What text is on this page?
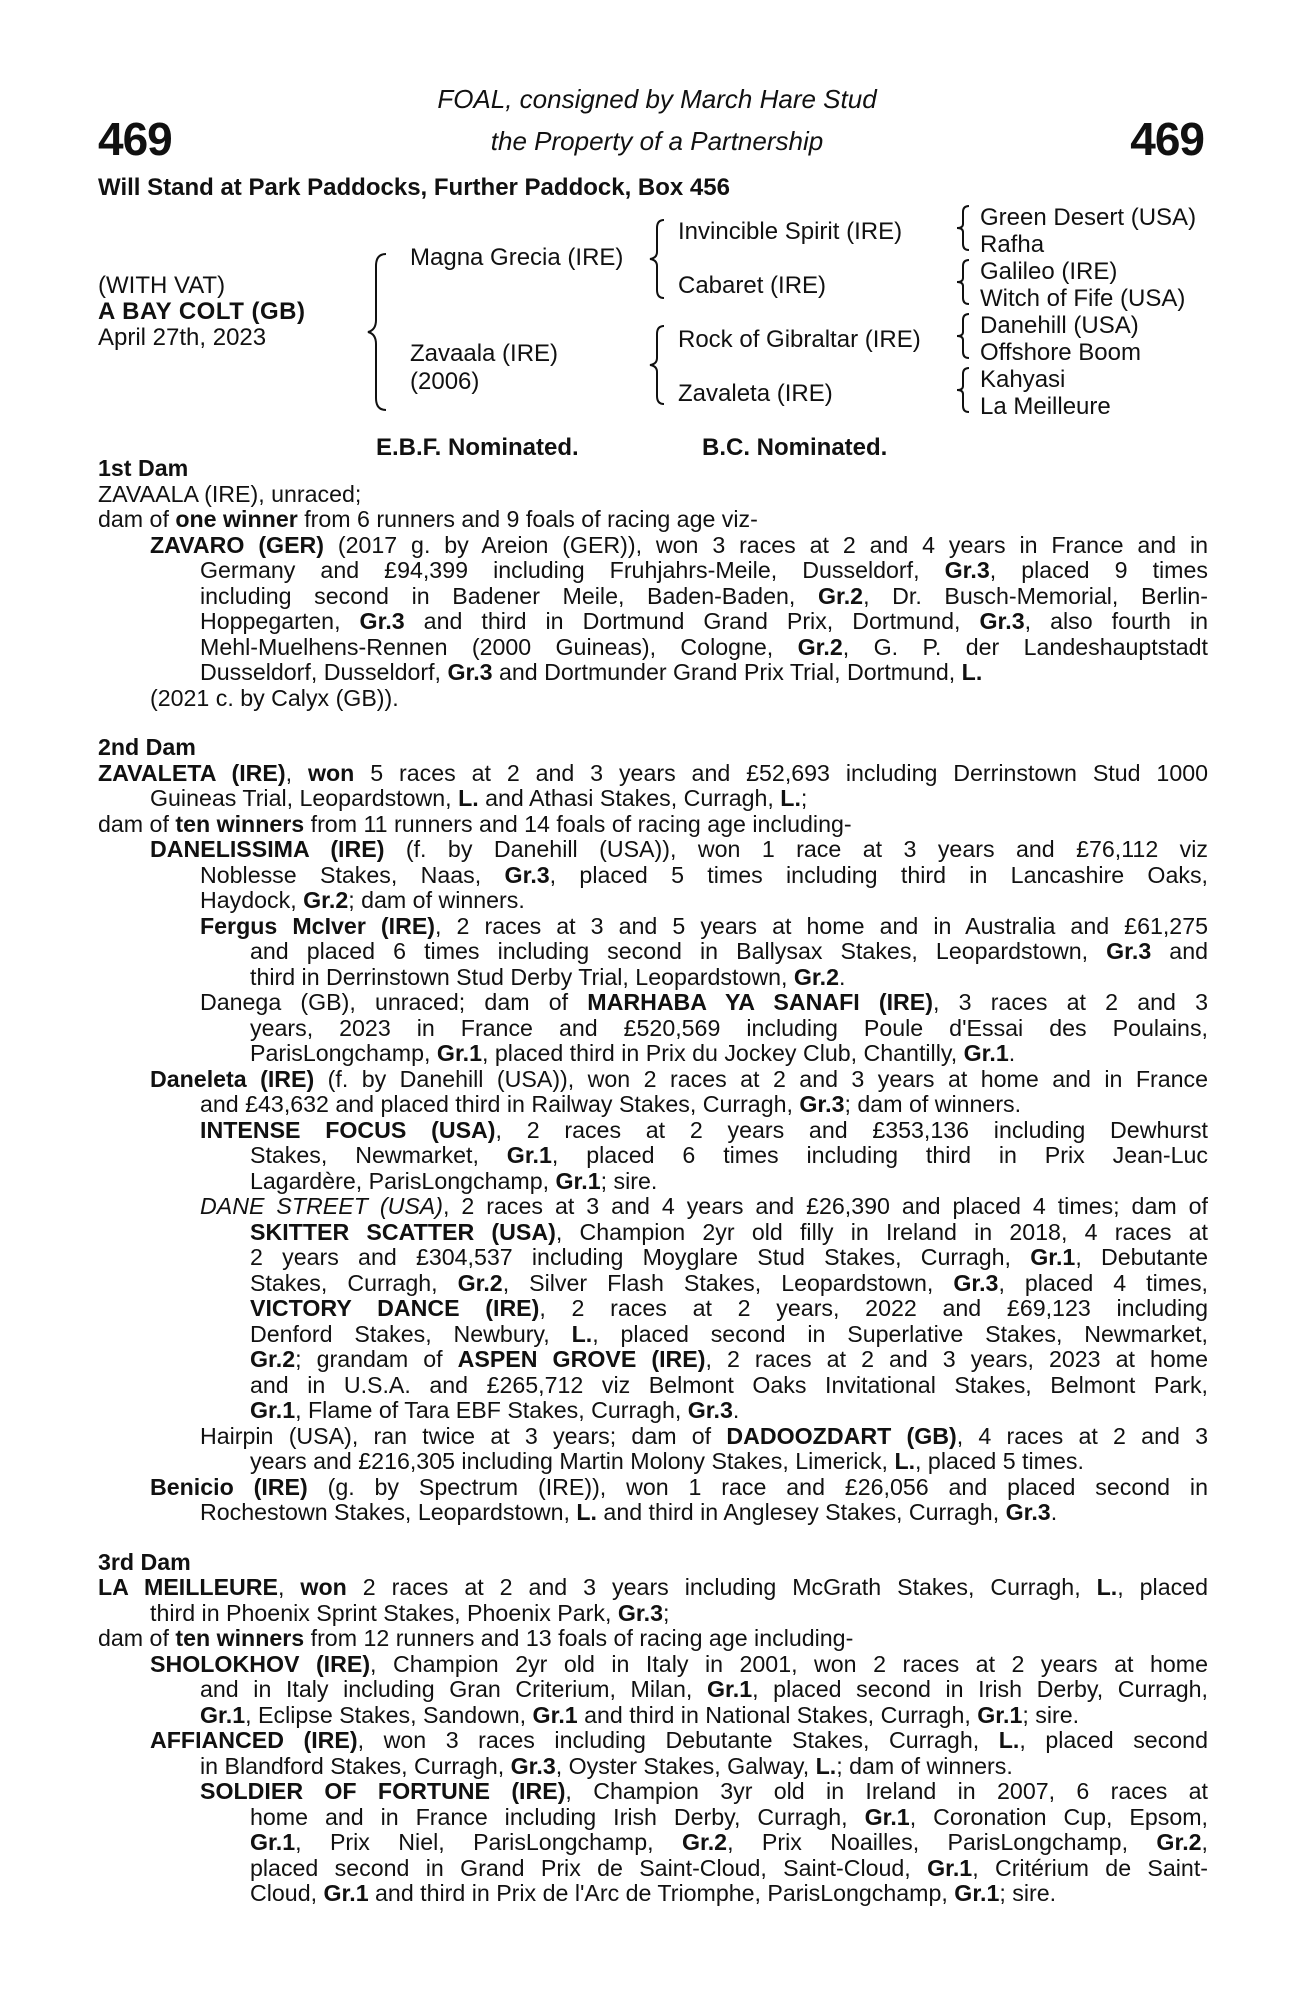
469	469
FOAL, consigned by March Hare Stud
the Property of a Partnership
Will Stand at Park Paddocks, Further Paddock, Box 456
(WITH VAT)
A BAY COLT (GB)
April 27th, 2023
Magna Grecia (IRE)
Zavaala (IRE)
(2006)
Invincible Spirit (IRE)
Cabaret (IRE)
Rock of Gibraltar (IRE)
Zavaleta (IRE)
Green Desert (USA)
Rafha
Galileo (IRE)
Witch of Fife (USA)
Danehill (USA)
Offshore Boom
Kahyasi
La Meilleure
E.B.F. Nominated.	B.C. Nominated.
1st Dam
ZAVAALA (IRE), unraced;
dam of one winner from 6 runners and 9 foals of racing age viz-
ZAVARO (GER) (2017 g. by Areion (GER)), won 3 races at 2 and 4 years in France and in
Germany and £94,399 including Fruhjahrs-Meile, Dusseldorf, Gr.3, placed 9 times
including second in Badener Meile, Baden-Baden, Gr.2, Dr. Busch-Memorial, Berlin-
Hoppegarten, Gr.3 and third in Dortmund Grand Prix, Dortmund, Gr.3, also fourth in
Mehl-Muelhens-Rennen (2000 Guineas), Cologne, Gr.2, G. P. der Landeshauptstadt
Dusseldorf, Dusseldorf, Gr.3 and Dortmunder Grand Prix Trial, Dortmund, L.
(2021 c. by Calyx (GB)).
2nd Dam
ZAVALETA (IRE), won 5 races at 2 and 3 years and £52,693 including Derrinstown Stud 1000
Guineas Trial, Leopardstown, L. and Athasi Stakes, Curragh, L.;
dam of ten winners from 11 runners and 14 foals of racing age including-
DANELISSIMA (IRE) (f. by Danehill (USA)), won 1 race at 3 years and £76,112 viz
Noblesse Stakes, Naas, Gr.3, placed 5 times including third in Lancashire Oaks,
Haydock, Gr.2; dam of winners.
Fergus McIver (IRE), 2 races at 3 and 5 years at home and in Australia and £61,275
and placed 6 times including second in Ballysax Stakes, Leopardstown, Gr.3 and
third in Derrinstown Stud Derby Trial, Leopardstown, Gr.2.
Danega (GB), unraced; dam of MARHABA YA SANAFI (IRE), 3 races at 2 and 3
years, 2023 in France and £520,569 including Poule d'Essai des Poulains,
ParisLongchamp, Gr.1, placed third in Prix du Jockey Club, Chantilly, Gr.1.
Daneleta (IRE) (f. by Danehill (USA)), won 2 races at 2 and 3 years at home and in France
and £43,632 and placed third in Railway Stakes, Curragh, Gr.3; dam of winners.
INTENSE FOCUS (USA), 2 races at 2 years and £353,136 including Dewhurst
Stakes, Newmarket, Gr.1, placed 6 times including third in Prix Jean-Luc
Lagardère, ParisLongchamp, Gr.1; sire.
DANE STREET (USA), 2 races at 3 and 4 years and £26,390 and placed 4 times; dam of
SKITTER SCATTER (USA), Champion 2yr old filly in Ireland in 2018, 4 races at
2 years and £304,537 including Moyglare Stud Stakes, Curragh, Gr.1, Debutante
Stakes, Curragh, Gr.2, Silver Flash Stakes, Leopardstown, Gr.3, placed 4 times,
VICTORY DANCE (IRE), 2 races at 2 years, 2022 and £69,123 including
Denford Stakes, Newbury, L., placed second in Superlative Stakes, Newmarket,
Gr.2; grandam of ASPEN GROVE (IRE), 2 races at 2 and 3 years, 2023 at home
and in U.S.A. and £265,712 viz Belmont Oaks Invitational Stakes, Belmont Park,
Gr.1, Flame of Tara EBF Stakes, Curragh, Gr.3.
Hairpin (USA), ran twice at 3 years; dam of DADOOZDART (GB), 4 races at 2 and 3
years and £216,305 including Martin Molony Stakes, Limerick, L., placed 5 times.
Benicio (IRE) (g. by Spectrum (IRE)), won 1 race and £26,056 and placed second in
Rochestown Stakes, Leopardstown, L. and third in Anglesey Stakes, Curragh, Gr.3.
3rd Dam
LA MEILLEURE, won 2 races at 2 and 3 years including McGrath Stakes, Curragh, L., placed
third in Phoenix Sprint Stakes, Phoenix Park, Gr.3;
dam of ten winners from 12 runners and 13 foals of racing age including-
SHOLOKHOV (IRE), Champion 2yr old in Italy in 2001, won 2 races at 2 years at home
and in Italy including Gran Criterium, Milan, Gr.1, placed second in Irish Derby, Curragh,
Gr.1, Eclipse Stakes, Sandown, Gr.1 and third in National Stakes, Curragh, Gr.1; sire.
AFFIANCED (IRE), won 3 races including Debutante Stakes, Curragh, L., placed second
in Blandford Stakes, Curragh, Gr.3, Oyster Stakes, Galway, L.; dam of winners.
SOLDIER OF FORTUNE (IRE), Champion 3yr old in Ireland in 2007, 6 races at
home and in France including Irish Derby, Curragh, Gr.1, Coronation Cup, Epsom,
Gr.1, Prix Niel, ParisLongchamp, Gr.2, Prix Noailles, ParisLongchamp, Gr.2,
placed second in Grand Prix de Saint-Cloud, Saint-Cloud, Gr.1, Critérium de Saint-
Cloud, Gr.1 and third in Prix de l'Arc de Triomphe, ParisLongchamp, Gr.1; sire.
